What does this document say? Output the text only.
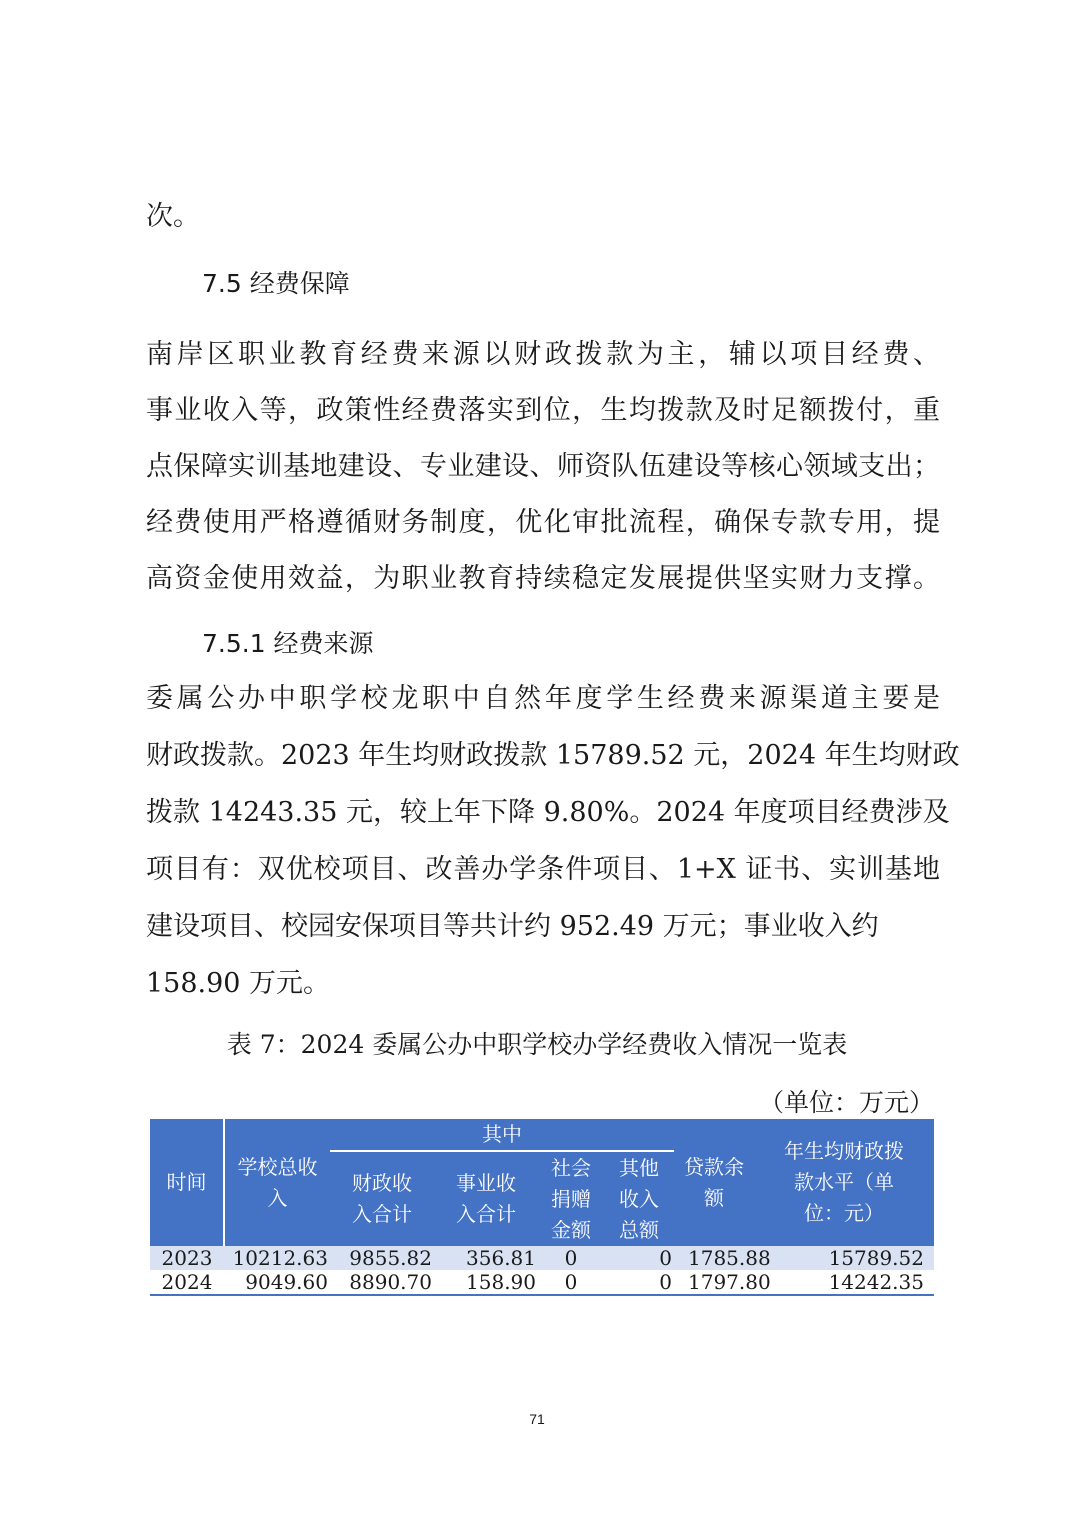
次。
7.5 经费保障
南岸区职业教育经费来源以财政拨款为主，辅以项目经费、
事业收入等，政策性经费落实到位，生均拨款及时足额拨付，重
点保障实训基地建设、专业建设、师资队伍建设等核心领域支出；
经费使用严格遵循财务制度，优化审批流程，确保专款专用，提
高资金使用效益，为职业教育持续稳定发展提供坚实财力支撑。
7.5.1 经费来源
委属公办中职学校龙职中自然年度学生经费来源渠道主要是
财政拨款。2023 年生均财政拨款 15789.52 元，2024 年生均财政
拨款 14243.35 元，较上年下降 9.80%。2024 年度项目经费涉及
项目有：双优校项目、改善办学条件项目、1+X 证书、实训基地
建设项目、校园安保项目等共计约 952.49 万元；事业收入约
158.90 万元。
表 7：2024 委属公办中职学校办学经费收入情况一览表
（单位：万元）
时间	学校总收入	其中				贷款余额	年生均财政拨款水平（单位：元）
		财政收入合计	事业收入合计	社会捐赠金额	其他收入总额		
2023	10212.63	9855.82	356.81	0	0	1785.88	15789.52
2024	9049.60	8890.70	158.90	0	0	1797.80	14242.35
71
